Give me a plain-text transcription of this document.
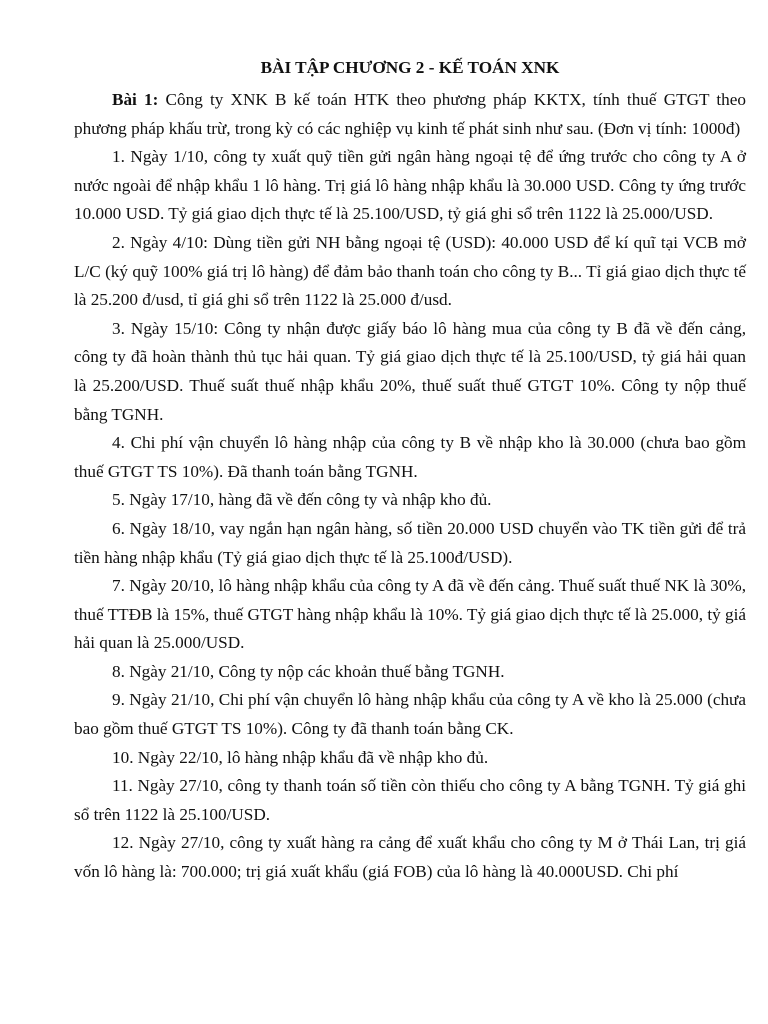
BÀI TẬP CHƯƠNG 2 - KẾ TOÁN XNK

Bài 1: Công ty XNK B kế toán HTK theo phương pháp KKTX, tính thuế GTGT theo phương pháp khấu trừ, trong kỳ có các nghiệp vụ kinh tế phát sinh như sau. (Đơn vị tính: 1000đ)

1. Ngày 1/10, công ty xuất quỹ tiền gửi ngân hàng ngoại tệ để ứng trước cho công ty A ở nước ngoài để nhập khẩu 1 lô hàng. Trị giá lô hàng nhập khẩu là 30.000 USD. Công ty ứng trước 10.000 USD. Tỷ giá giao dịch thực tế là 25.100/USD, tỷ giá ghi sổ trên 1122 là 25.000/USD.

2. Ngày 4/10: Dùng tiền gửi NH bằng ngoại tệ (USD): 40.000 USD để kí quĩ tại VCB mở L/C (ký quỹ 100% giá trị lô hàng) để đảm bảo thanh toán cho công ty B... Tỉ giá giao dịch thực tế là 25.200 đ/usd, tỉ giá ghi sổ trên 1122 là 25.000 đ/usd.

3. Ngày 15/10: Công ty nhận được giấy báo lô hàng mua của công ty B đã về đến cảng, công ty đã hoàn thành thủ tục hải quan. Tỷ giá giao dịch thực tế là 25.100/USD, tỷ giá hải quan là 25.200/USD. Thuế suất thuế nhập khẩu 20%, thuế suất thuế GTGT 10%. Công ty nộp thuế bằng TGNH.

4. Chi phí vận chuyển lô hàng nhập của công ty B về nhập kho là 30.000 (chưa bao gồm thuế GTGT TS 10%). Đã thanh toán bằng TGNH.

5. Ngày 17/10, hàng đã về đến công ty và nhập kho đủ.

6. Ngày 18/10, vay ngắn hạn ngân hàng, số tiền 20.000 USD chuyển vào TK tiền gửi để trả tiền hàng nhập khẩu (Tỷ giá giao dịch thực tế là 25.100đ/USD).

7. Ngày 20/10, lô hàng nhập khẩu của công ty A đã về đến cảng. Thuế suất thuế NK là 30%, thuế TTĐB là 15%, thuế GTGT hàng nhập khẩu là 10%. Tỷ giá giao dịch thực tế là 25.000, tỷ giá hải quan là 25.000/USD.

8. Ngày 21/10, Công ty nộp các khoản thuế bằng TGNH.

9. Ngày 21/10, Chi phí vận chuyển lô hàng nhập khẩu của công ty A về kho là 25.000 (chưa bao gồm thuế GTGT TS 10%). Công ty đã thanh toán bằng CK.

10. Ngày 22/10, lô hàng nhập khẩu đã về nhập kho đủ.

11. Ngày 27/10, công ty thanh toán số tiền còn thiếu cho công ty A bằng TGNH. Tỷ giá ghi sổ trên 1122 là 25.100/USD.

12. Ngày 27/10, công ty xuất hàng ra cảng để xuất khẩu cho công ty M ở Thái Lan, trị giá vốn lô hàng là: 700.000; trị giá xuất khẩu (giá FOB) của lô hàng là 40.000USD. Chi phí
